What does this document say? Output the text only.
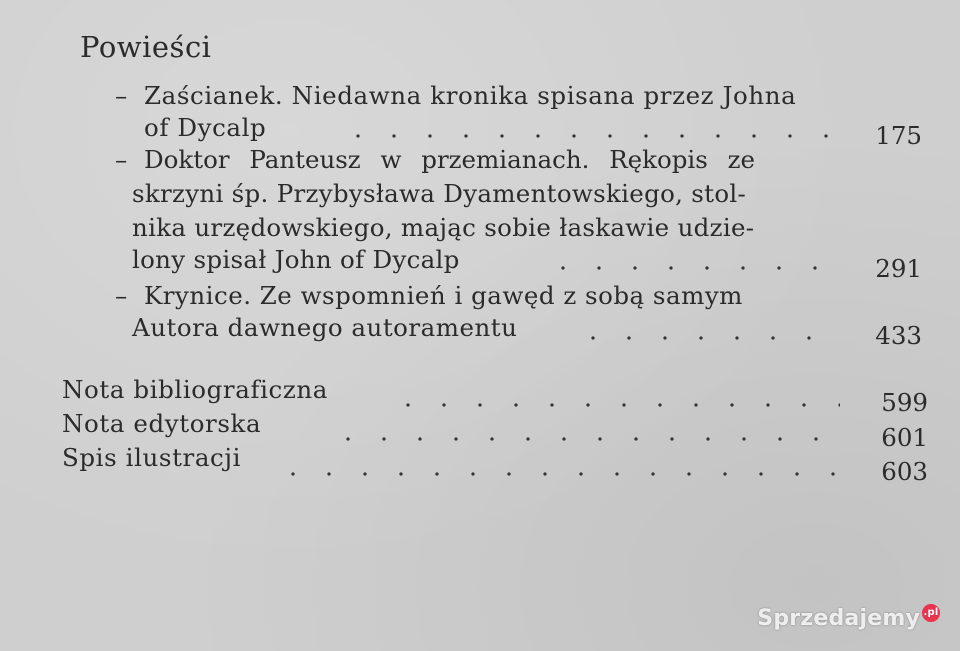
Powieści
– Zaścianek. Niedawna kronika spisana przez Johna
of Dycalp	175
– Doktor Panteusz w przemianach. Rękopis ze
skrzyni śp. Przybysława Dyamentowskiego, stol-
nika urzędowskiego, mając sobie łaskawie udzie-
lony spisał John of Dycalp	291
– Krynice. Ze wspomnień i gawęd z sobą samym
Autora dawnego autoramentu	433
Nota bibliograficzna	599
Nota edytorska	601
Spis ilustracji	603
Sprzedajemy .pl
